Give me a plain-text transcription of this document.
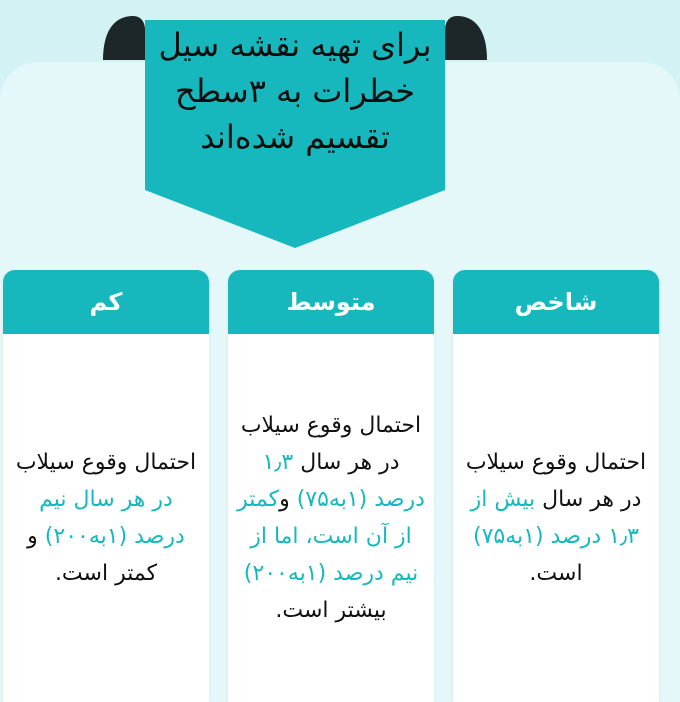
برای تهیه نقشه سیل خطرات به ۳سطح تقسیم شده‌اند
شاخص

احتمال وقوع سیلاب در هر سال بیش از ۱٫۳ درصد (۱به۷۵) است.

متوسط

احتمال وقوع سیلاب در هر سال ۱٫۳ درصد (۱به۷۵) وکمتر از آن است، اما از نیم درصد (۱به۲۰۰) بیشتر است.

کم

احتمال وقوع سیلاب در هر سال نیم درصد (۱به۲۰۰) و کمتر است.
